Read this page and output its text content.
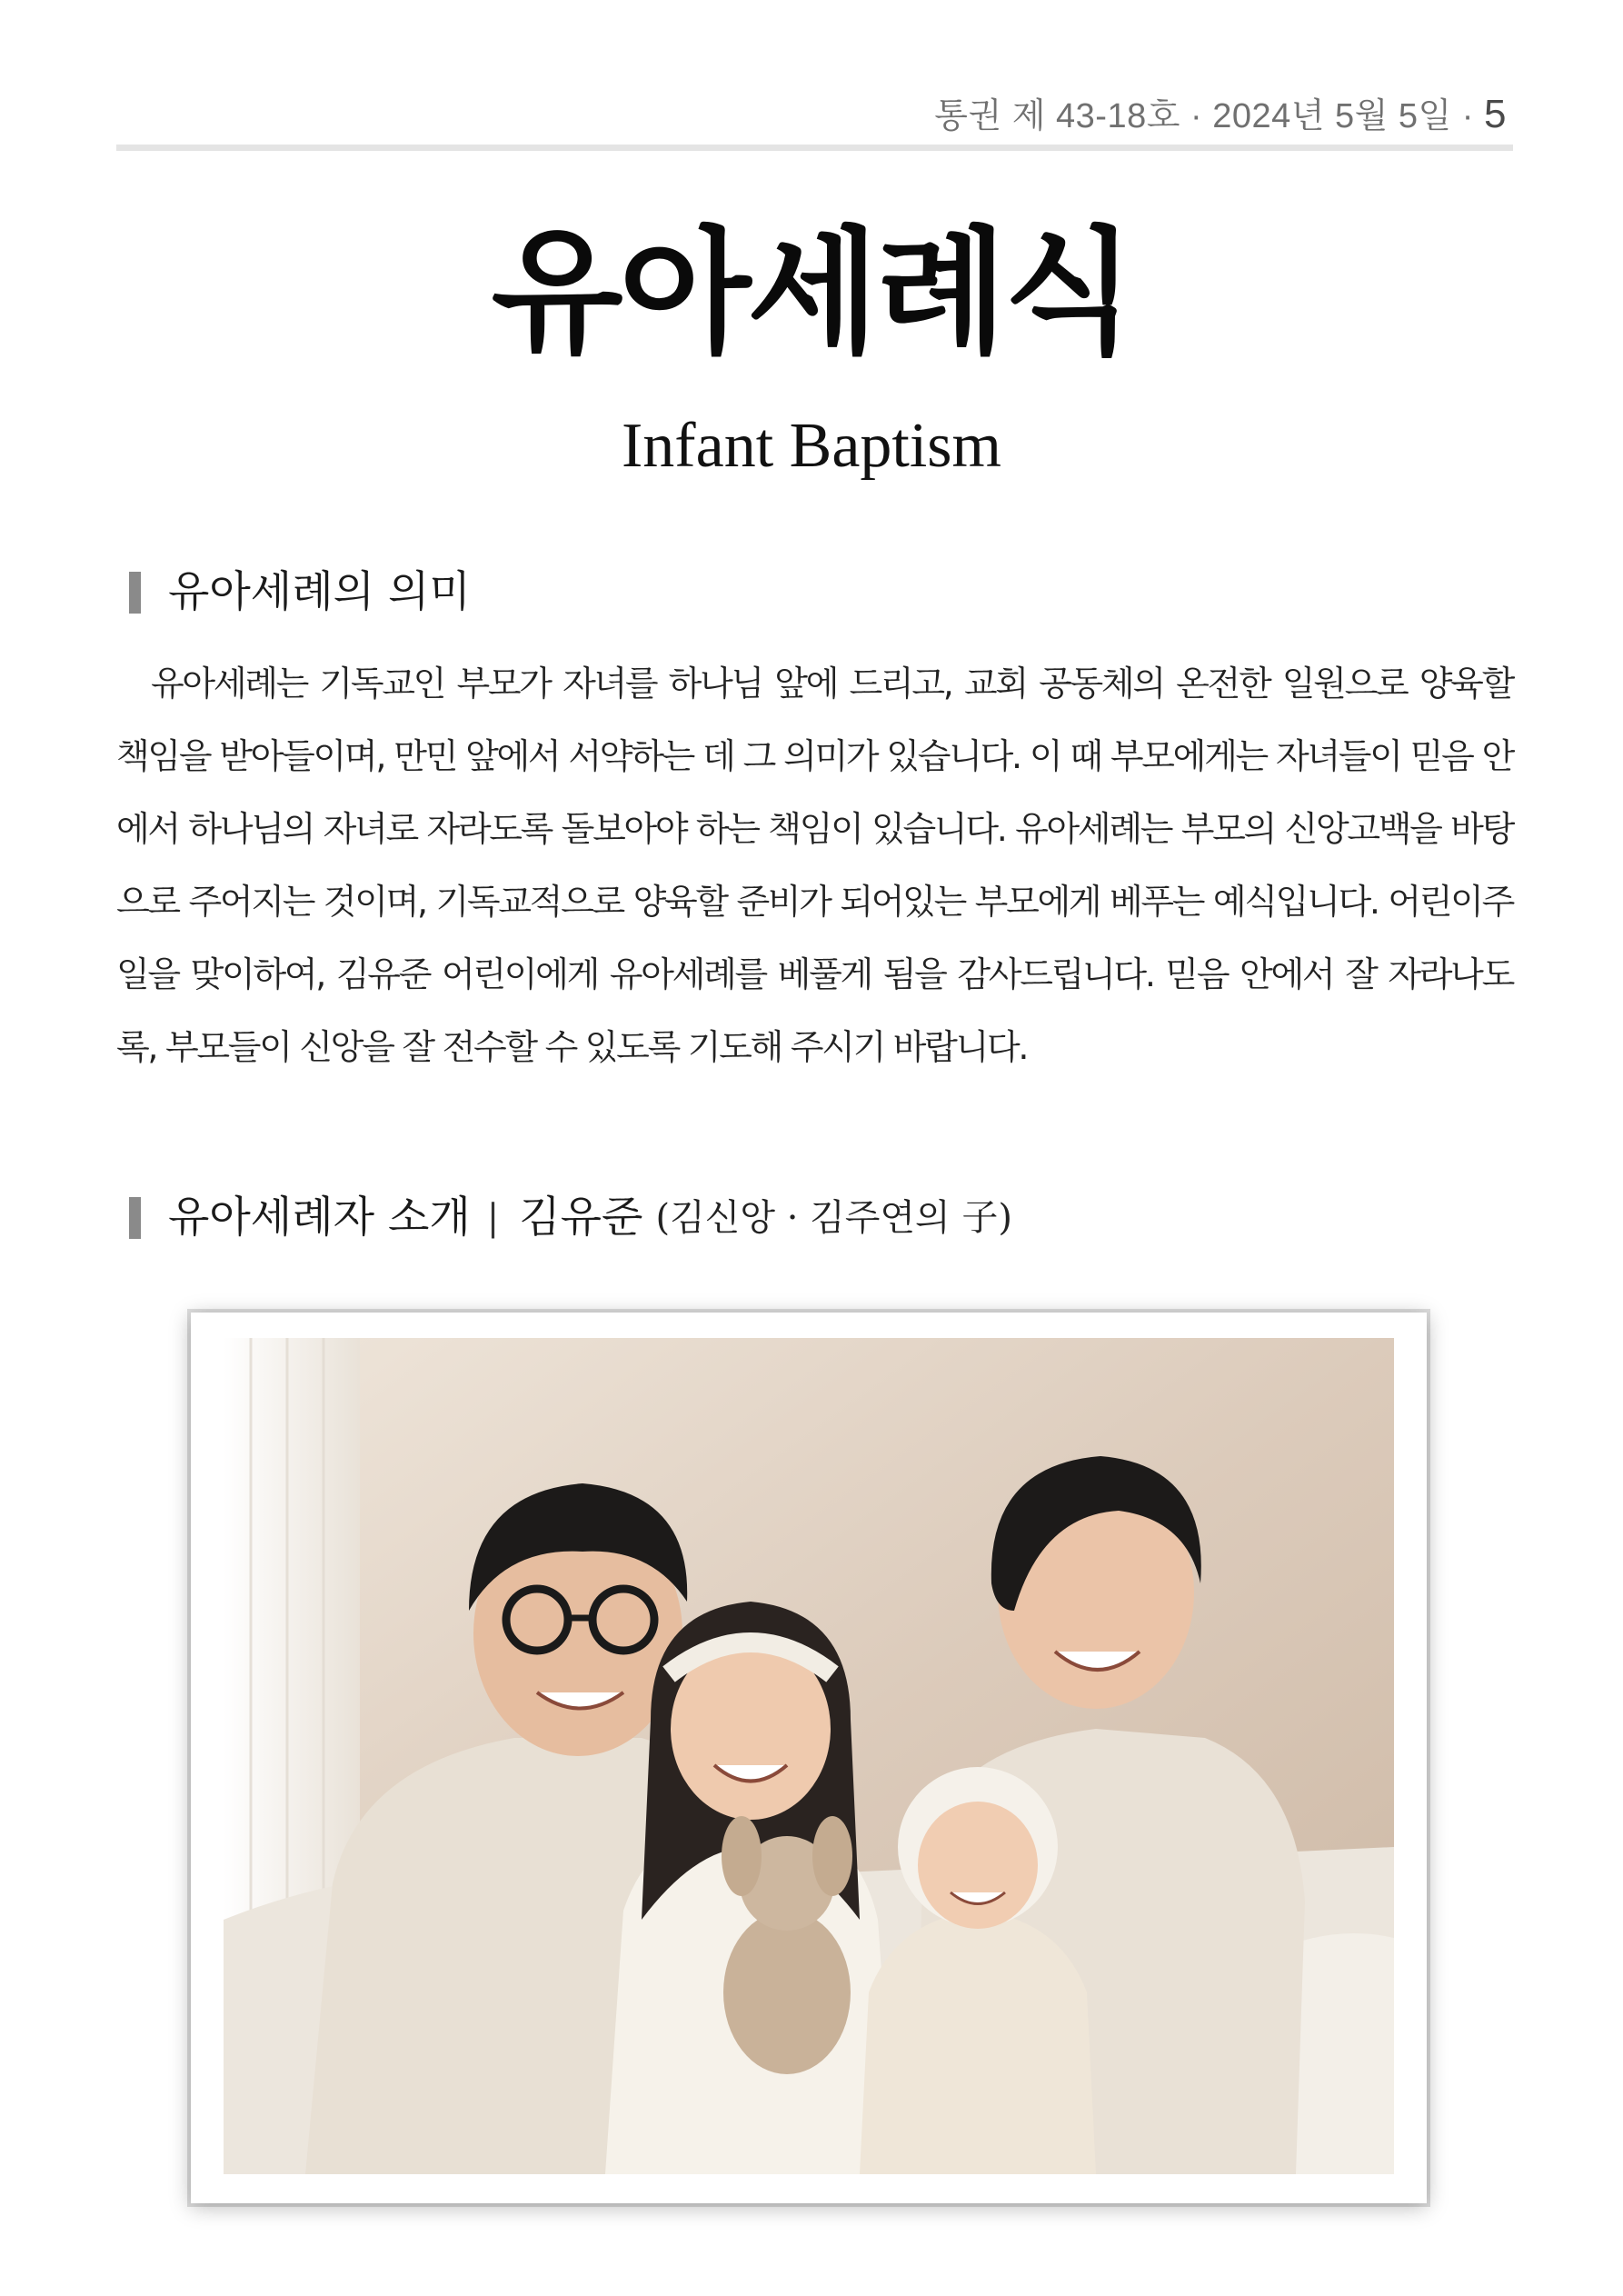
통권 제 43-18호 · 2024년 5월 5일 · 5
유아세례식
Infant Baptism
유아세례의 의미

유아세례는 기독교인 부모가 자녀를 하나님 앞에 드리고, 교회 공동체의 온전한 일원으로 양육할 책임을 받아들이며, 만민 앞에서 서약하는 데 그 의미가 있습니다. 이 때 부모에게는 자녀들이 믿음 안에서 하나님의 자녀로 자라도록 돌보아야 하는 책임이 있습니다. 유아세례는 부모의 신앙고백을 바탕으로 주어지는 것이며, 기독교적으로 양육할 준비가 되어있는 부모에게 베푸는 예식입니다. 어린이주일을 맞이하여, 김유준 어린이에게 유아세례를 베풀게 됨을 감사드립니다. 믿음 안에서 잘 자라나도록, 부모들이 신앙을 잘 전수할 수 있도록 기도해 주시기 바랍니다.

유아세례자 소개 | 김유준 (김신앙 · 김주연의 子)
